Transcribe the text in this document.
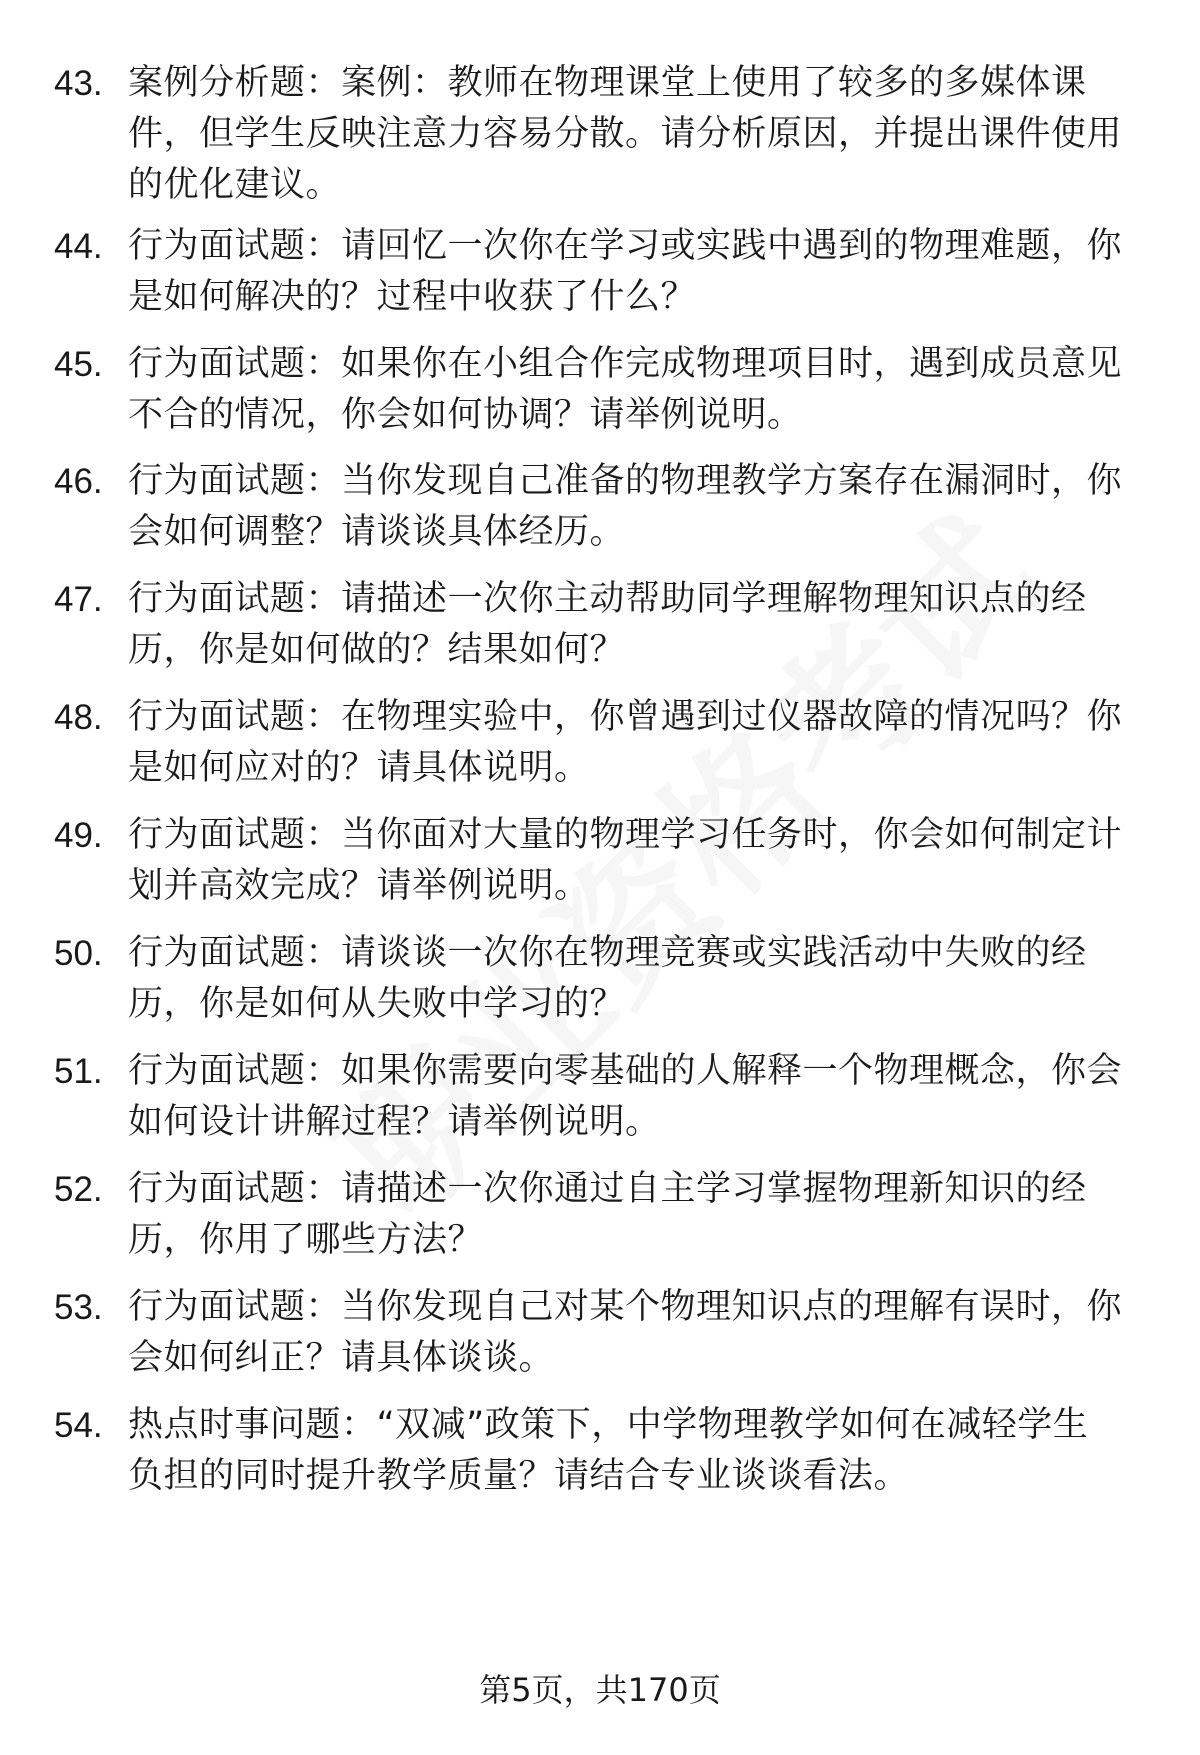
43. 案例分析题：案例：教师在物理课堂上使用了较多的多媒体课
件，但学生反映注意力容易分散。请分析原因，并提出课件使用
的优化建议。
44. 行为面试题：请回忆一次你在学习或实践中遇到的物理难题，你
是如何解决的？过程中收获了什么？
45. 行为面试题：如果你在小组合作完成物理项目时，遇到成员意见
不合的情况，你会如何协调？请举例说明。
46. 行为面试题：当你发现自己准备的物理教学方案存在漏洞时，你
会如何调整？请谈谈具体经历。
47. 行为面试题：请描述一次你主动帮助同学理解物理知识点的经
历，你是如何做的？结果如何？
48. 行为面试题：在物理实验中，你曾遇到过仪器故障的情况吗？你
是如何应对的？请具体说明。
49. 行为面试题：当你面对大量的物理学习任务时，你会如何制定计
划并高效完成？请举例说明。
50. 行为面试题：请谈谈一次你在物理竞赛或实践活动中失败的经
历，你是如何从失败中学习的？
51. 行为面试题：如果你需要向零基础的人解释一个物理概念，你会
如何设计讲解过程？请举例说明。
52. 行为面试题：请描述一次你通过自主学习掌握物理新知识的经
历，你用了哪些方法？
53. 行为面试题：当你发现自己对某个物理知识点的理解有误时，你
会如何纠正？请具体谈谈。
54. 热点时事问题：“双减”政策下，中学物理教学如何在减轻学生
负担的同时提升教学质量？请结合专业谈谈看法。
第5页，共170页
